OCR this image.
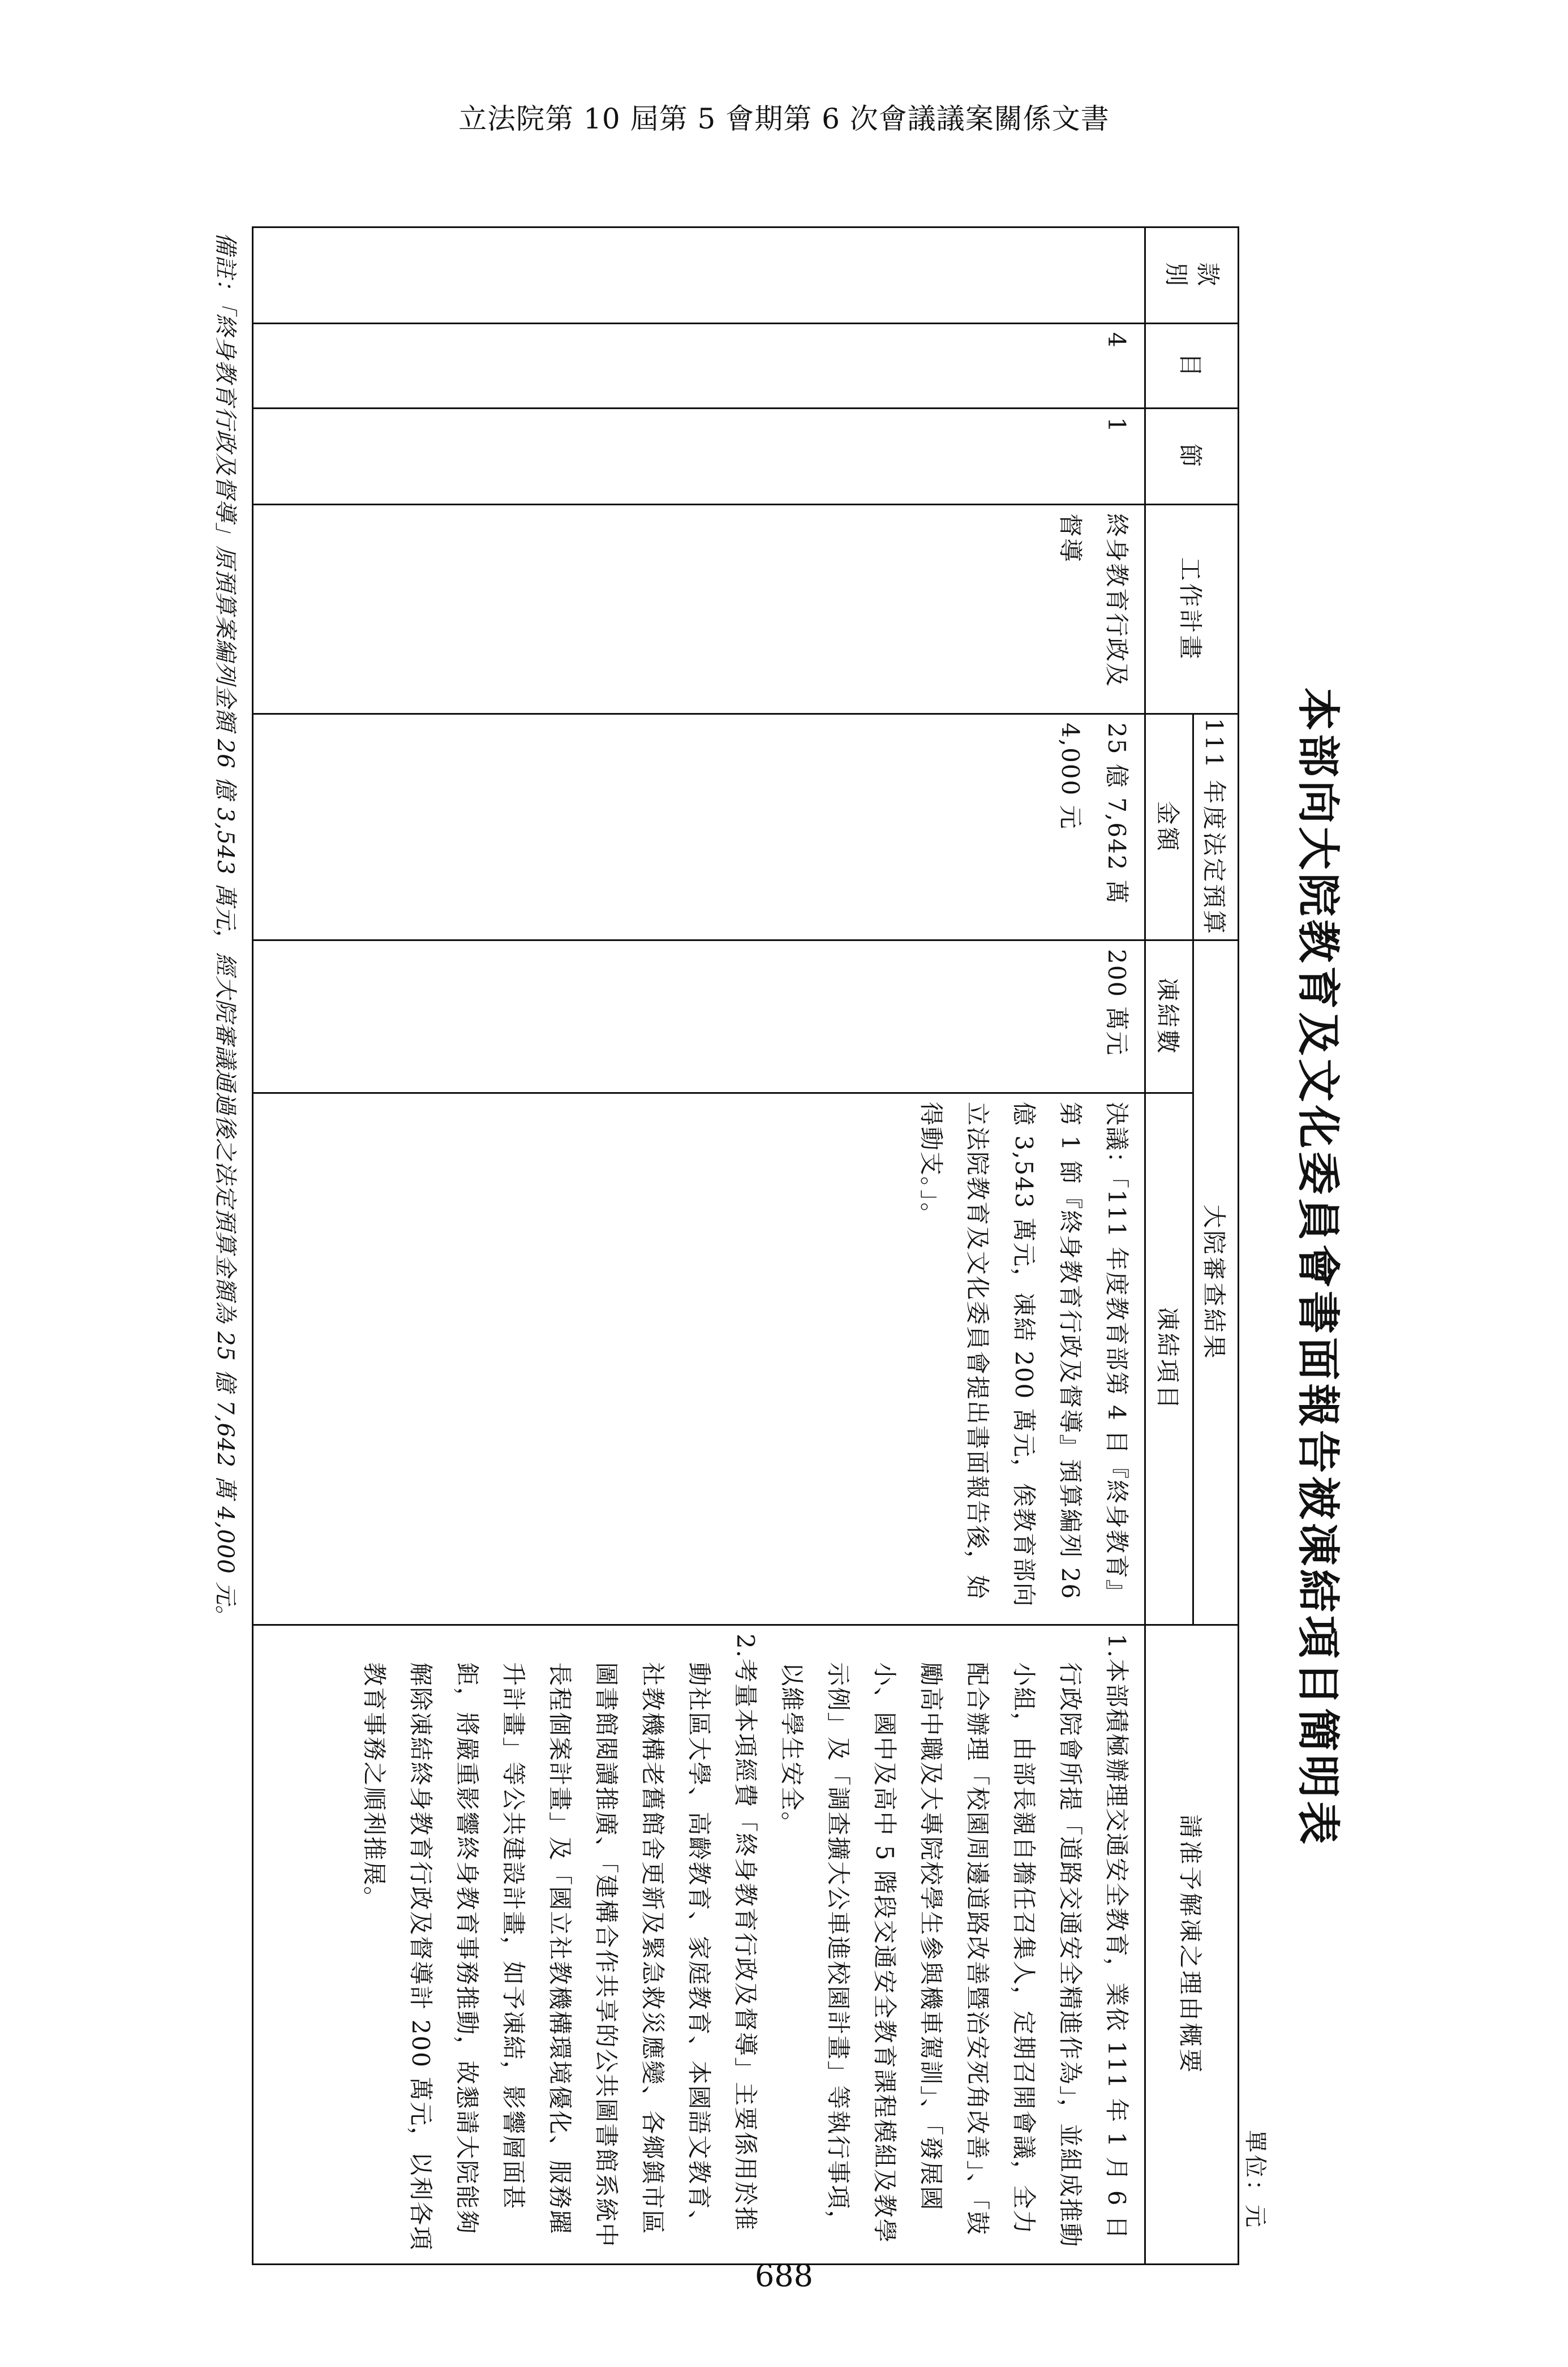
立法院第 10 屆第 5 會期第 6 次會議議案關係文書
本部向大院教育及文化委員會書面報告被凍結項目簡明表
單位：元
款
別	目	節	工作計畫	111 年度法定預算	大院審查結果		請准予解凍之理由概要
				金額	凍結數	凍結項目	
	4	1	終身教育行政及督導	25 億 7,642 萬 4,000 元	200 萬元	決議：「111 年度教育部第 4 目『終身教育』第 1 節『終身教育行政及督導』預算編列 26 億 3,543 萬元，凍結 200 萬元，俟教育部向立法院教育及文化委員會提出書面報告後，始得動支。」。	1.本部積極辦理交通安全教育，業依 111 年 1 月 6 日行政院會所提「道路交通安全精進作為」，並組成推動小組，由部長親自擔任召集人，定期召開會議，全力配合辦理「校園周邊道路改善暨治安死角改善」、「鼓勵高中職及大專院校學生參與機車駕訓」、「發展國小、國中及高中 5 階段交通安全教育課程模組及教學示例」及「調查擴大公車進校園計畫」等執行事項，以維學生安全。
2.考量本項經費「終身教育行政及督導」主要係用於推動社區大學、高齡教育、家庭教育、本國語文教育、社教機構老舊館舍更新及緊急救災應變、各鄉鎮市區圖書館閱讀推廣、「建構合作共享的公共圖書館系統中長程個案計畫」及「國立社教機構環境優化、服務躍升計畫」等公共建設計畫，如予凍結，影響層面甚鉅，將嚴重影響終身教育事務推動，故懇請大院能夠解除凍結終身教育行政及督導計 200 萬元，以利各項教育事務之順利推展。
備註：「終身教育行政及督導」原預算案編列金額 26 億 3,543 萬元，經大院審議通過後之法定預算金額為 25 億 7,642 萬 4,000 元。
688
